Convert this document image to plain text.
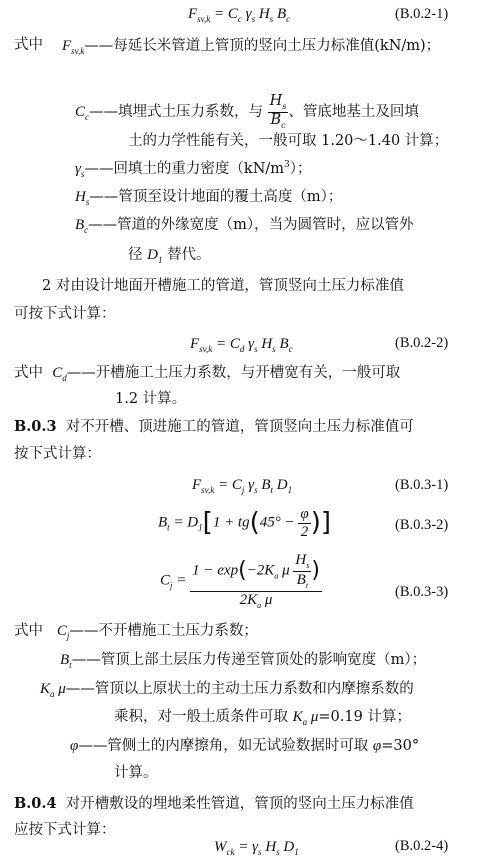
$F_{sv,k} = C_c$ $\gamma_s$ $H_s$ $B_c$	(B.0.2-1)
式中 $F_{sv,k}——$每延长米管道上管顶的竖向土压力标准值(kN/m)；
$C_c——$填埋式土压力系数，与 $\frac{H_s}{B_c}$ 、管底地基土及回填
土的力学性能有关，一般可取 1.20～1.40 计算；
$\gamma_s——$回填土的重力密度$(kN/m^3)$；
$H_s——$管顶至设计地面的覆土高度（m）；
$B_c——$管道的外缘宽度（m），当为圆管时，应以管外
径 $D_1$ 替代。
2 对由设计地面开槽施工的管道，管顶竖向土压力标准值
可按下式计算：
$F_{sv,k} = C_d$ $\gamma_s$ $H_s$ $B_c$	(B.0.2-2)
式中  $C_d——$开槽施工土压力系数，与开槽宽有关，一般可取
1.2 计算。
B.0.3 对不开槽、顶进施工的管道，管顶竖向土压力标准值可
按下式计算：
$F_{sv,k} = C_j$ $\gamma_s$ $B_t$ $D_1$	(B.0.3-1)
$B_t = D_1[1 + tg(45^\circ - \frac{\varphi}{2}$ )]	(B.0.3-2)
$C_j = \frac{1 - \exp(-2K_a \mu \frac{H_s}{B_t} )}{2K_a \mu}$	(B.0.3-3)
式中   $C_j——$不开槽施工土压力系数；
$B_t——$管顶上部土层压力传递至管顶处的影响宽度（m）；
$K_a$ μ——管顶以上原状土的主动土压力系数和内摩擦系数的
乘积，对一般土质条件可取 $K_a$ μ=0.19 计算；
φ——管侧土的内摩擦角，如无试验数据时可取 φ=30°
计算。
B.0.4 对开槽敷设的埋地柔性管道，管顶的竖向土压力标准值
应按下式计算：
$W_{ck} = \gamma_s$ $H_s$ $D_1$	(B.0.2-4)
